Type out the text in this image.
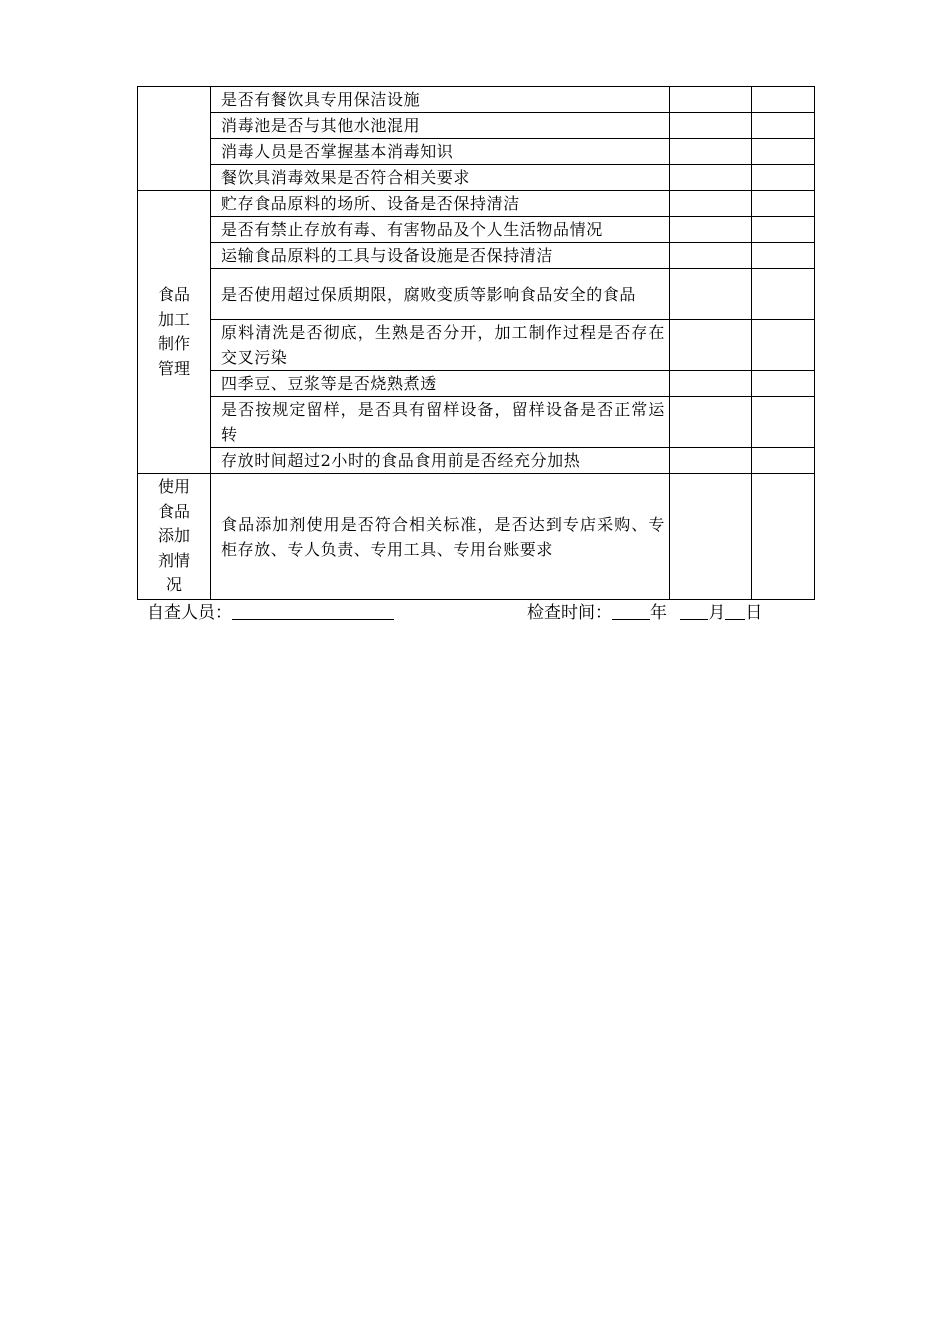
	是否有餐饮具专用保洁设施		
	消毒池是否与其他水池混用		
	消毒人员是否掌握基本消毒知识		
	餐饮具消毒效果是否符合相关要求		

食品
加工
制作
管理	贮存食品原料的场所、设备是否保持清洁		
	是否有禁止存放有毒、有害物品及个人生活物品情况		
	运输食品原料的工具与设备设施是否保持清洁		
	是否使用超过保质期限，腐败变质等影响食品安全的食品		
	原料清洗是否彻底，生熟是否分开，加工制作过程是否存在交叉污染		
	四季豆、豆浆等是否烧熟煮透		
	是否按规定留样，是否具有留样设备，留样设备是否正常运转		
	存放时间超过2小时的食品食用前是否经充分加热		

使用
食品
添加
剂情
况	食品添加剂使用是否符合相关标准，是否达到专店采购、专柜存放、专人负责、专用工具、专用台账要求		
自查人员：	检查时间： 年 月 日
